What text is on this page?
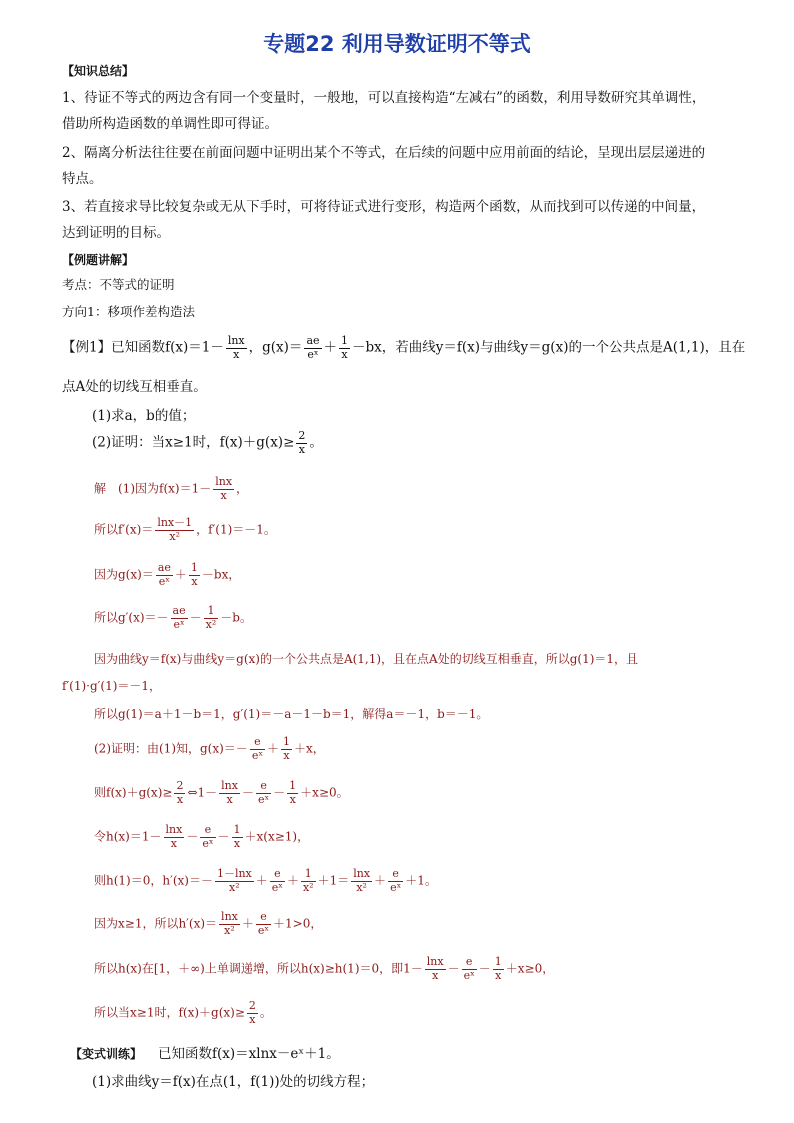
专题22 利用导数证明不等式
【知识总结】
1、待证不等式的两边含有同一个变量时，一般地，可以直接构造“左减右”的函数，利用导数研究其单调性，
借助所构造函数的单调性即可得证。
2、隔离分析法往往要在前面问题中证明出某个不等式，在后续的问题中应用前面的结论，呈现出层层递进的
特点。
3、若直接求导比较复杂或无从下手时，可将待证式进行变形，构造两个函数，从而找到可以传递的中间量，
达到证明的目标。
【例题讲解】
考点：不等式的证明
方向1：移项作差构造法
【例1】已知函数$f(x)=1- \frac{\ln x}{x}$ ，$g(x)= \frac{ae}{\text{eˣ}} + \frac{1}{x} -bx$，若曲线y＝f(x)与曲线y＝g(x)的一个公共点是A(1,1)，且在
点A处的切线互相垂直。
(1)求a，b的值；
(2)证明：当x≥1时，$f(x)+g(x)\ge \frac{2}{x}$ 。
解　(1)因为$f(x)=1- \frac{\ln x}{x}$ ，
所以$f'(x)= \frac{\ln x-1}{\text{x²}}$ ，f′(1)＝－1。
因为$g(x)= \frac{ae}{\text{eˣ}} + \frac{1}{x} -bx$，
所以$g'(x)=- \frac{ae}{\text{eˣ}} - \frac{1}{\text{x²}} -b$。
因为曲线y＝f(x)与曲线y＝g(x)的一个公共点是A(1,1)，且在点A处的切线互相垂直，所以g(1)＝1，且
f′(1)·g′(1)＝－1，
所以g(1)＝a＋1－b＝1，g′(1)＝－a－1－b＝1，解得a＝－1，b＝－1。
(2)证明：由(1)知，$g(x)=- \frac{e}{\text{eˣ}} + \frac{1}{x} +x$，
则$f(x)+g(x)\ge \frac{2}{x}$ ⇔1－ $\frac{\ln x}{x} - \frac{e}{\text{eˣ}} - \frac{1}{x} +x\ge 0$。
令$h(x)=1- \frac{\ln x}{x} - \frac{e}{\text{eˣ}} - \frac{1}{x} +x(x\ge 1)$，
则h(1)＝0，$h'(x)=- \frac{1-\ln x}{\text{x²}} + \frac{e}{\text{eˣ}} + \frac{1}{\text{x²}} +1= \frac{\ln x}{\text{x²}} + \frac{e}{\text{eˣ}} +1$。
因为x≥1，所以$h'(x)= \frac{\ln x}{\text{x²}} + \frac{e}{\text{eˣ}} +1>0$，
所以h(x)在[1，＋∞)上单调递增，所以h(x)≥h(1)＝0，即$1- \frac{\ln x}{x} - \frac{e}{\text{eˣ}} - \frac{1}{x} +x\ge 0$，
所以当x≥1时，$f(x)+g(x)\ge \frac{2}{x}$ 。
【变式训练】 已知函数f(x)＝xlnx－eˣ＋1。
(1)求曲线y＝f(x)在点(1，f(1))处的切线方程；
